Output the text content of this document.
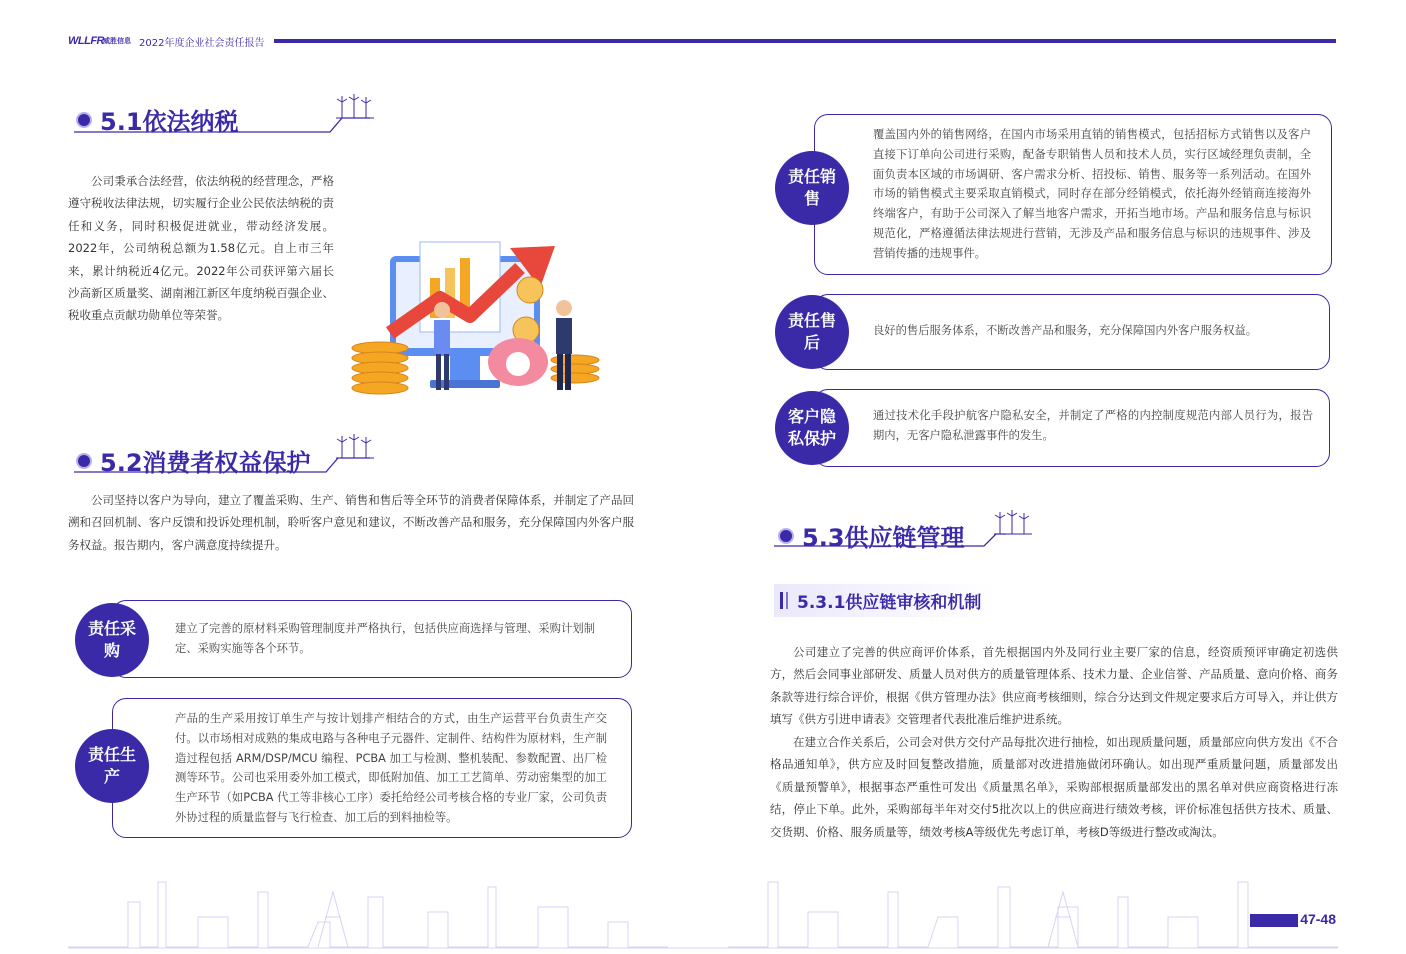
WLLFR 威胜信息 2022年度企业社会责任报告
5.1依法纳税
公司秉承合法经营，依法纳税的经营理念，严格遵守税收法律法规，切实履行企业公民依法纳税的责任和义务，同时积极促进就业，带动经济发展。2022年，公司纳税总额为1.58亿元。自上市三年来，累计纳税近4亿元。2022年公司获评第六届长沙高新区质量奖、湖南湘江新区年度纳税百强企业、税收重点贡献功勋单位等荣誉。
5.2消费者权益保护
公司坚持以客户为导向，建立了覆盖采购、生产、销售和售后等全环节的消费者保障体系，并制定了产品回溯和召回机制、客户反馈和投诉处理机制，聆听客户意见和建议，不断改善产品和服务，充分保障国内外客户服务权益。报告期内，客户满意度持续提升。
建立了完善的原材料采购管理制度并严格执行，包括供应商选择与管理、采购计划制定、采购实施等各个环节。
责任采购
产品的生产采用按订单生产与按计划排产相结合的方式，由生产运营平台负责生产交付。以市场相对成熟的集成电路与各种电子元器件、定制件、结构件为原材料，生产制造过程包括 ARM/DSP/MCU 编程、PCBA 加工与检测、整机装配、参数配置、出厂检测等环节。公司也采用委外加工模式，即低附加值、加工工艺简单、劳动密集型的加工生产环节（如PCBA 代工等非核心工序）委托给经公司考核合格的专业厂家，公司负责外协过程的质量监督与飞行检查、加工后的到料抽检等。
责任生产
覆盖国内外的销售网络，在国内市场采用直销的销售模式，包括招标方式销售以及客户直接下订单向公司进行采购，配备专职销售人员和技术人员，实行区域经理负责制，全面负责本区域的市场调研、客户需求分析、招投标、销售、服务等一系列活动。在国外市场的销售模式主要采取直销模式，同时存在部分经销模式，依托海外经销商连接海外终端客户，有助于公司深入了解当地客户需求，开拓当地市场。产品和服务信息与标识规范化，严格遵循法律法规进行营销，无涉及产品和服务信息与标识的违规事件、涉及营销传播的违规事件。
责任销售
良好的售后服务体系，不断改善产品和服务，充分保障国内外客户服务权益。
责任售后
通过技术化手段护航客户隐私安全，并制定了严格的内控制度规范内部人员行为，报告期内，无客户隐私泄露事件的发生。
客户隐私保护
5.3供应链管理
5.3.1供应链审核和机制
公司建立了完善的供应商评价体系，首先根据国内外及同行业主要厂家的信息，经资质预评审确定初选供方，然后会同事业部研发、质量人员对供方的质量管理体系、技术力量、企业信誉、产品质量、意向价格、商务条款等进行综合评价，根据《供方管理办法》供应商考核细则，综合分达到文件规定要求后方可导入，并让供方填写《供方引进申请表》交管理者代表批准后维护进系统。
在建立合作关系后，公司会对供方交付产品每批次进行抽检，如出现质量问题，质量部应向供方发出《不合格品通知单》，供方应及时回复整改措施，质量部对改进措施做闭环确认。如出现严重质量问题，质量部发出《质量预警单》，根据事态严重性可发出《质量黑名单》，采购部根据质量部发出的黑名单对供应商资格进行冻结，停止下单。此外，采购部每半年对交付5批次以上的供应商进行绩效考核，评价标准包括供方技术、质量、交货期、价格、服务质量等，绩效考核A等级优先考虑订单，考核D等级进行整改或淘汰。
47-48
